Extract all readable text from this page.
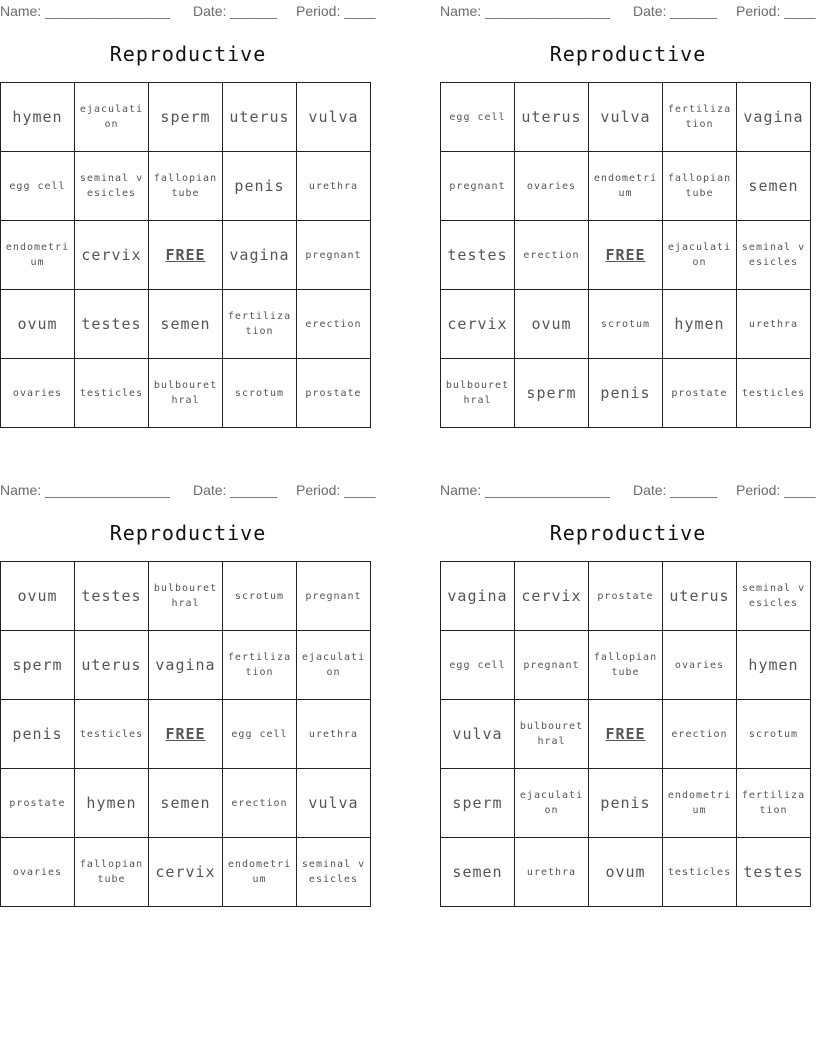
Name: ________________ Date: ______ Period: ____
Reproductive
hymen	ejaculation	sperm	uterus	vulva
egg cell	seminal vesicles	fallopian tube	penis	urethra
endometrium	cervix	FREE	vagina	pregnant
ovum	testes	semen	fertilization	erection
ovaries	testicles	bulbourethral	scrotum	prostate
Name: ________________ Date: ______ Period: ____
Reproductive
egg cell	uterus	vulva	fertilization	vagina
pregnant	ovaries	endometrium	fallopian tube	semen
testes	erection	FREE	ejaculation	seminal vesicles
cervix	ovum	scrotum	hymen	urethra
bulbourethral	sperm	penis	prostate	testicles
Name: ________________ Date: ______ Period: ____
Reproductive
ovum	testes	bulbourethral	scrotum	pregnant
sperm	uterus	vagina	fertilization	ejaculation
penis	testicles	FREE	egg cell	urethra
prostate	hymen	semen	erection	vulva
ovaries	fallopian tube	cervix	endometrium	seminal vesicles
Name: ________________ Date: ______ Period: ____
Reproductive
vagina	cervix	prostate	uterus	seminal vesicles
egg cell	pregnant	fallopian tube	ovaries	hymen
vulva	bulbourethral	FREE	erection	scrotum
sperm	ejaculation	penis	endometrium	fertilization
semen	urethra	ovum	testicles	testes
